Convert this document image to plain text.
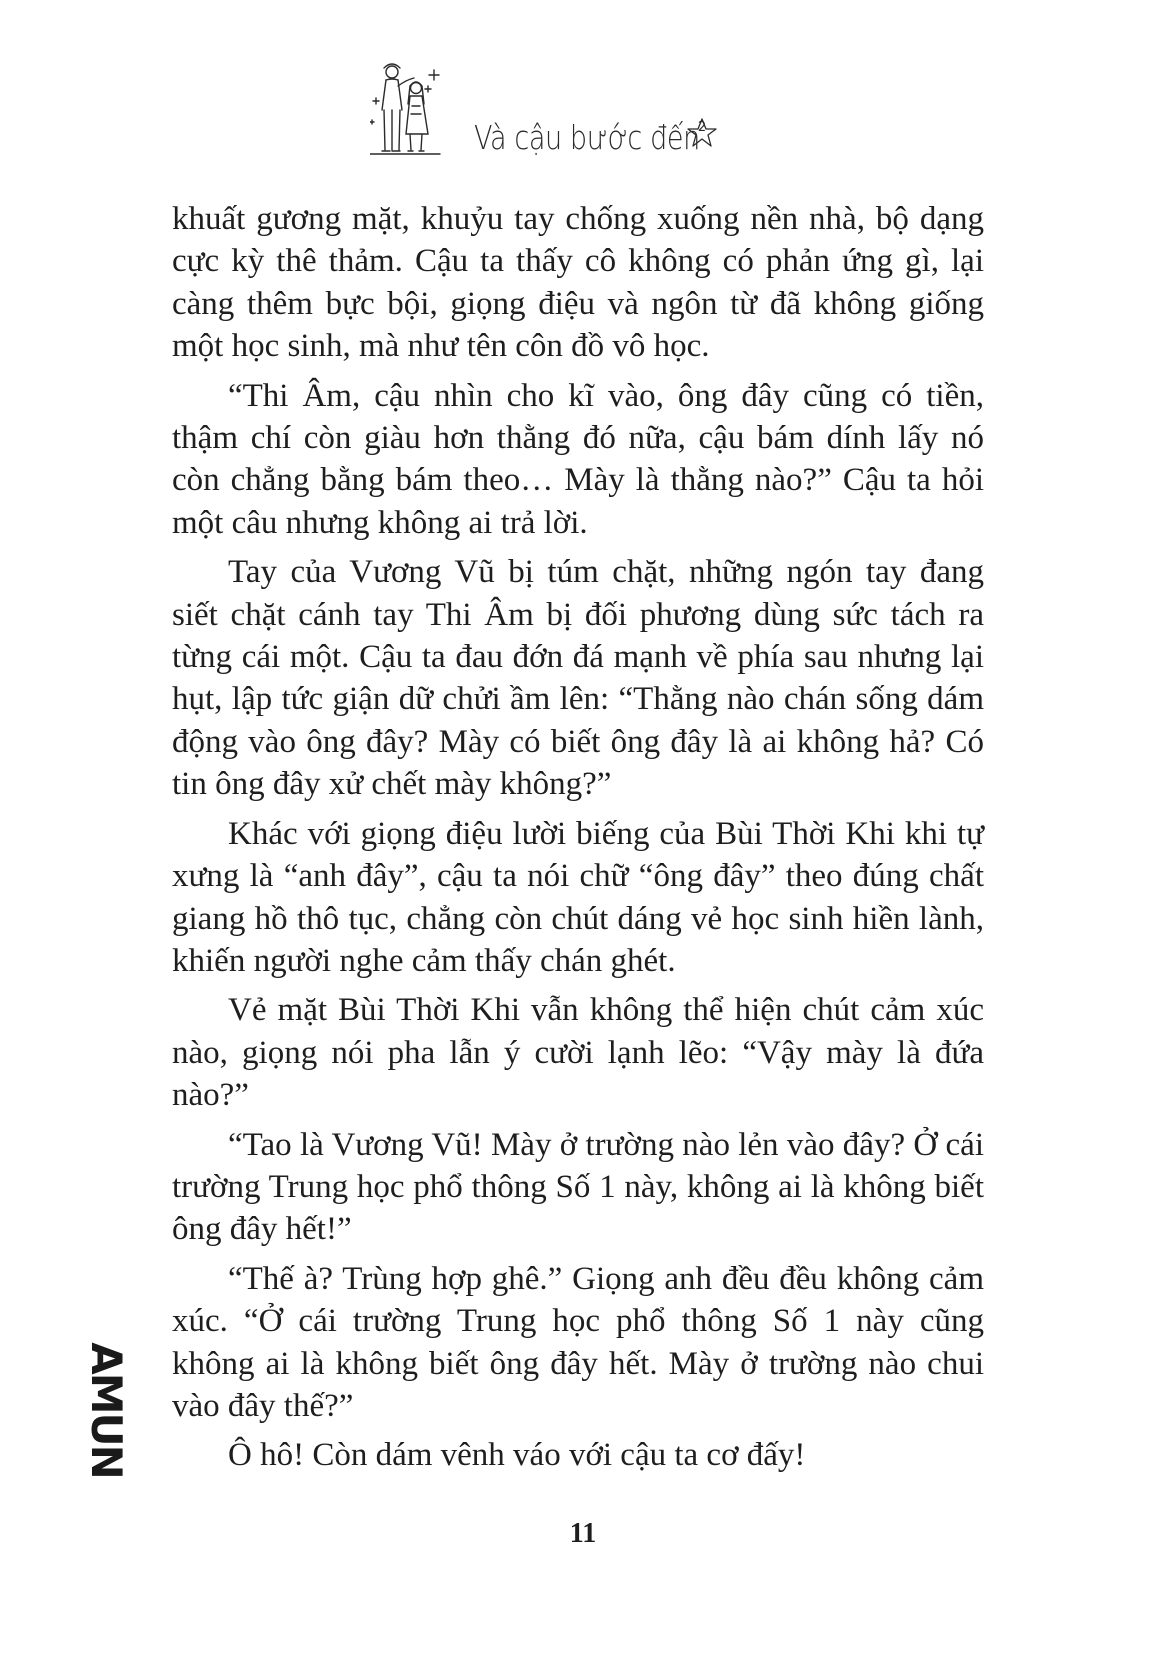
Và cậu bước đến
2

khuất gương mặt, khuỷu tay chống xuống nền nhà, bộ dạng cực kỳ thê thảm. Cậu ta thấy cô không có phản ứng gì, lại càng thêm bực bội, giọng điệu và ngôn từ đã không giống một học sinh, mà như tên côn đồ vô học.

“Thi Âm, cậu nhìn cho kĩ vào, ông đây cũng có tiền, thậm chí còn giàu hơn thằng đó nữa, cậu bám dính lấy nó còn chẳng bằng bám theo… Mày là thằng nào?” Cậu ta hỏi một câu nhưng không ai trả lời.

Tay của Vương Vũ bị túm chặt, những ngón tay đang siết chặt cánh tay Thi Âm bị đối phương dùng sức tách ra từng cái một. Cậu ta đau đớn đá mạnh về phía sau nhưng lại hụt, lập tức giận dữ chửi ầm lên: “Thằng nào chán sống dám động vào ông đây? Mày có biết ông đây là ai không hả? Có tin ông đây xử chết mày không?”

Khác với giọng điệu lười biếng của Bùi Thời Khi khi tự xưng là “anh đây”, cậu ta nói chữ “ông đây” theo đúng chất giang hồ thô tục, chẳng còn chút dáng vẻ học sinh hiền lành, khiến người nghe cảm thấy chán ghét.

Vẻ mặt Bùi Thời Khi vẫn không thể hiện chút cảm xúc nào, giọng nói pha lẫn ý cười lạnh lẽo: “Vậy mày là đứa nào?”

“Tao là Vương Vũ! Mày ở trường nào lẻn vào đây? Ở cái trường Trung học phổ thông Số 1 này, không ai là không biết ông đây hết!”

“Thế à? Trùng hợp ghê.” Giọng anh đều đều không cảm xúc. “Ở cái trường Trung học phổ thông Số 1 này cũng không ai là không biết ông đây hết. Mày ở trường nào chui vào đây thế?”

Ô hô! Còn dám vênh váo với cậu ta cơ đấy!

AMUN
11
